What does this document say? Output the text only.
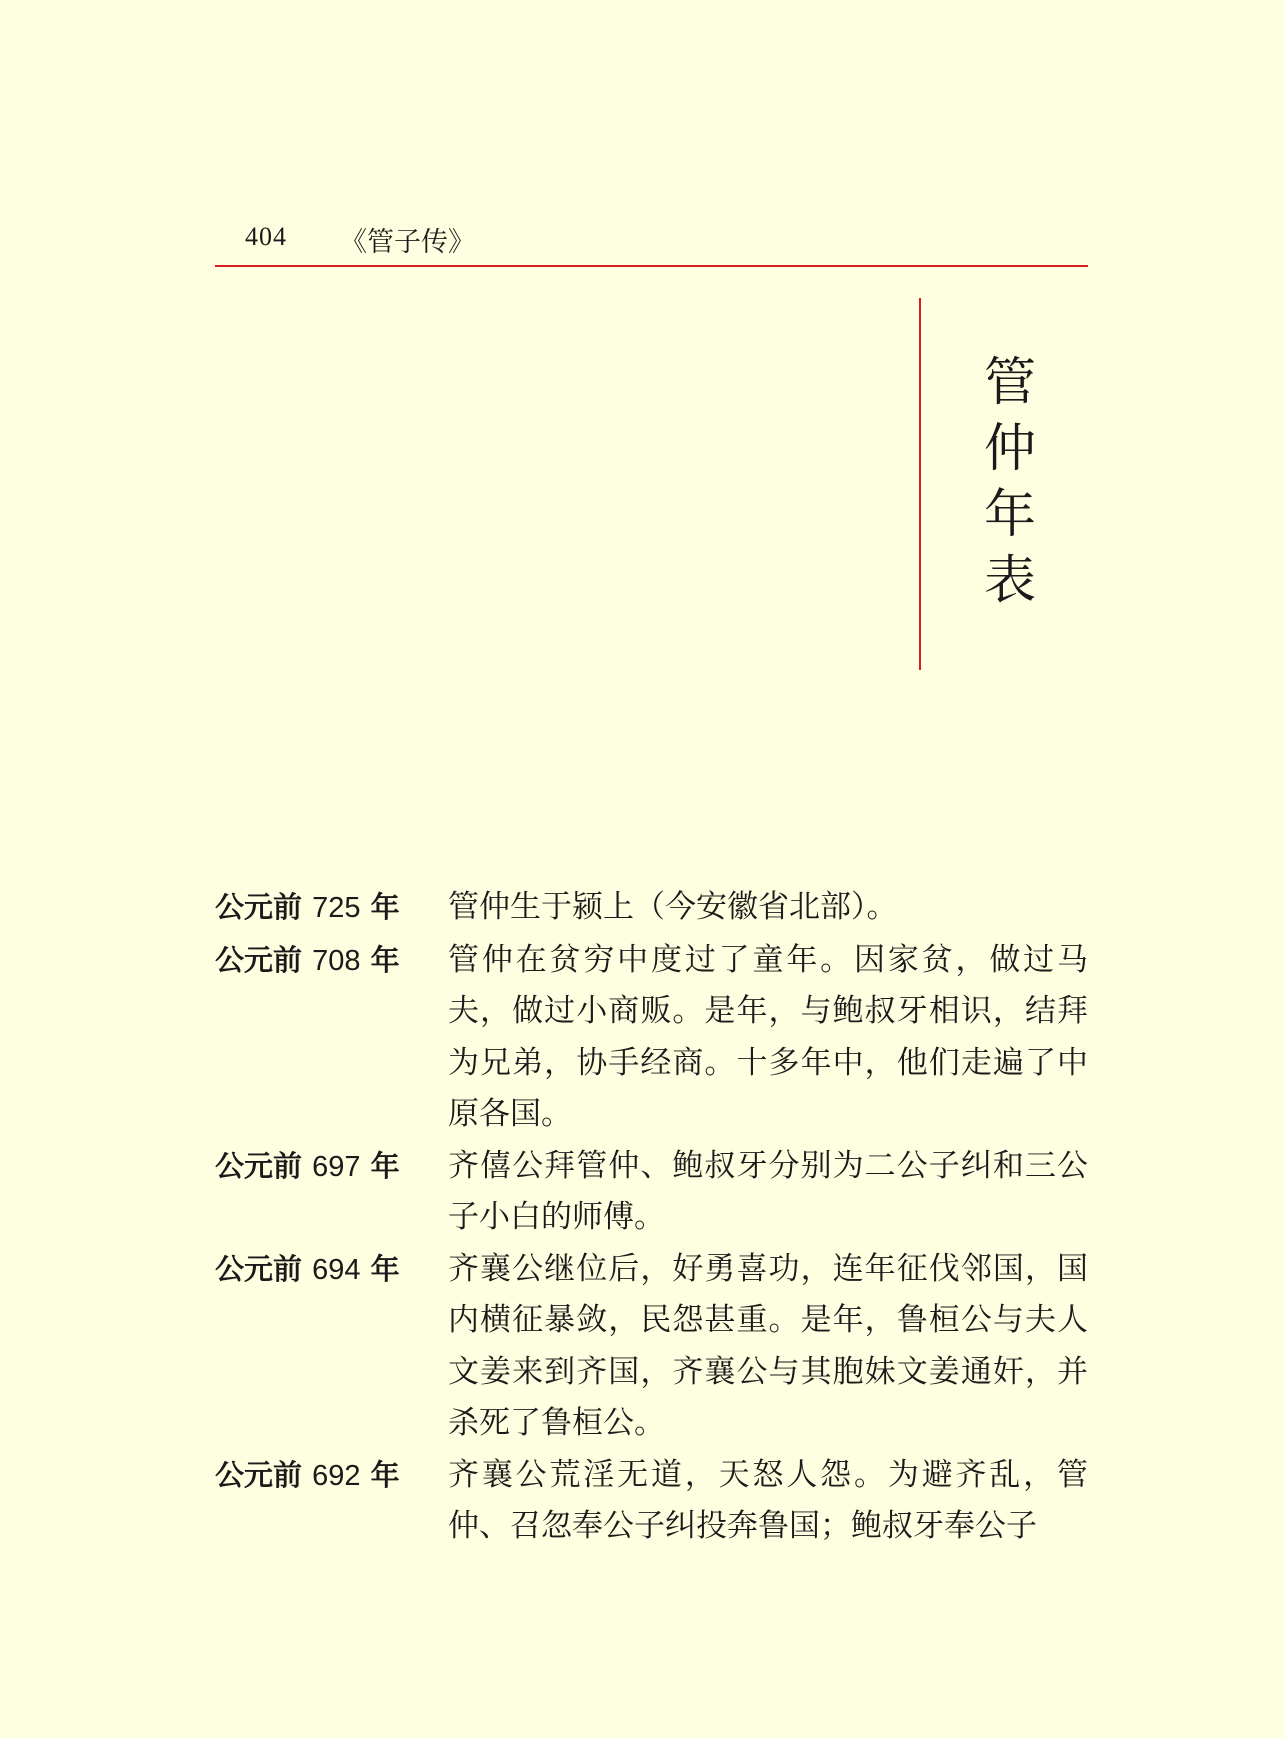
404 《管子传》
管
仲
年
表
公元前 725 年	管仲生于颍上（今安徽省北部）。
公元前 708 年	管仲在贫穷中度过了童年。因家贫，做过马夫，做过小商贩。是年，与鲍叔牙相识，结拜为兄弟，协手经商。十多年中，他们走遍了中原各国。
公元前 697 年	齐僖公拜管仲、鲍叔牙分别为二公子纠和三公子小白的师傅。
公元前 694 年	齐襄公继位后，好勇喜功，连年征伐邻国，国内横征暴敛，民怨甚重。是年，鲁桓公与夫人文姜来到齐国，齐襄公与其胞妹文姜通奸，并杀死了鲁桓公。
公元前 692 年	齐襄公荒淫无道，天怒人怨。为避齐乱，管仲、召忽奉公子纠投奔鲁国；鲍叔牙奉公子
